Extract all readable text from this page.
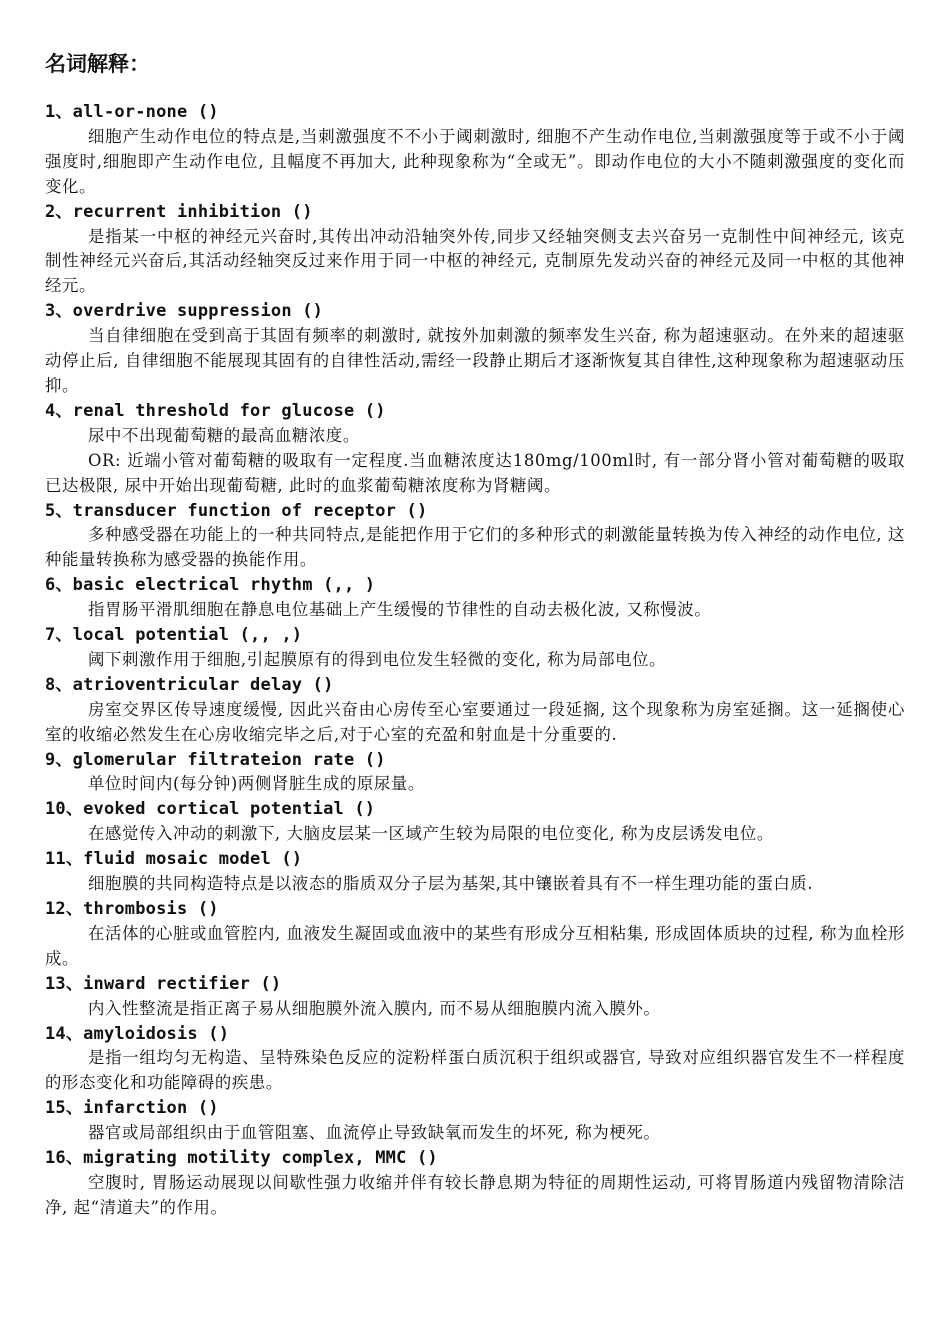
名词解释：
1、all-or-none ()

细胞产生动作电位的特点是,当刺激强度不不小于阈刺激时, 细胞不产生动作电位,当刺激强度等于或不小于阈强度时,细胞即产生动作电位, 且幅度不再加大, 此种现象称为“全或无”。即动作电位的大小不随刺激强度的变化而变化。

2、recurrent inhibition ()

是指某一中枢的神经元兴奋时,其传出冲动沿轴突外传,同步又经轴突侧支去兴奋另一克制性中间神经元, 该克制性神经元兴奋后,其活动经轴突反过来作用于同一中枢的神经元, 克制原先发动兴奋的神经元及同一中枢的其他神经元。

3、overdrive suppression ()

当自律细胞在受到高于其固有频率的刺激时, 就按外加刺激的频率发生兴奋, 称为超速驱动。在外来的超速驱动停止后, 自律细胞不能展现其固有的自律性活动,需经一段静止期后才逐渐恢复其自律性,这种现象称为超速驱动压抑。

4、renal threshold for glucose ()

尿中不出现葡萄糖的最高血糖浓度。

OR: 近端小管对葡萄糖的吸取有一定程度.当血糖浓度达180mg/100ml时, 有一部分肾小管对葡萄糖的吸取已达极限, 尿中开始出现葡萄糖, 此时的血浆葡萄糖浓度称为肾糖阈。

5、transducer function of receptor ()

多种感受器在功能上的一种共同特点,是能把作用于它们的多种形式的刺激能量转换为传入神经的动作电位, 这种能量转换称为感受器的换能作用。

6、basic electrical rhythm (,, )

指胃肠平滑肌细胞在静息电位基础上产生缓慢的节律性的自动去极化波, 又称慢波。

7、local potential (,, ,)

阈下刺激作用于细胞,引起膜原有的得到电位发生轻微的变化, 称为局部电位。

8、atrioventricular delay ()

房室交界区传导速度缓慢, 因此兴奋由心房传至心室要通过一段延搁, 这个现象称为房室延搁。这一延搁使心室的收缩必然发生在心房收缩完毕之后,对于心室的充盈和射血是十分重要的.

9、glomerular filtrateion rate ()

单位时间内(每分钟)两侧肾脏生成的原尿量。

10、evoked cortical potential ()

在感觉传入冲动的刺激下, 大脑皮层某一区域产生较为局限的电位变化, 称为皮层诱发电位。

11、fluid mosaic model ()

细胞膜的共同构造特点是以液态的脂质双分子层为基架,其中镶嵌着具有不一样生理功能的蛋白质.

12、thrombosis ()

在活体的心脏或血管腔内, 血液发生凝固或血液中的某些有形成分互相粘集, 形成固体质块的过程, 称为血栓形成。

13、inward rectifier ()

内入性整流是指正离子易从细胞膜外流入膜内, 而不易从细胞膜内流入膜外。

14、amyloidosis ()

是指一组均匀无构造、呈特殊染色反应的淀粉样蛋白质沉积于组织或器官, 导致对应组织器官发生不一样程度的形态变化和功能障碍的疾患。

15、infarction ()

器官或局部组织由于血管阻塞、血流停止导致缺氧而发生的坏死, 称为梗死。

16、migrating motility complex, MMC ()

空腹时, 胃肠运动展现以间歇性强力收缩并伴有较长静息期为特征的周期性运动, 可将胃肠道内残留物清除洁净, 起“清道夫”的作用。
